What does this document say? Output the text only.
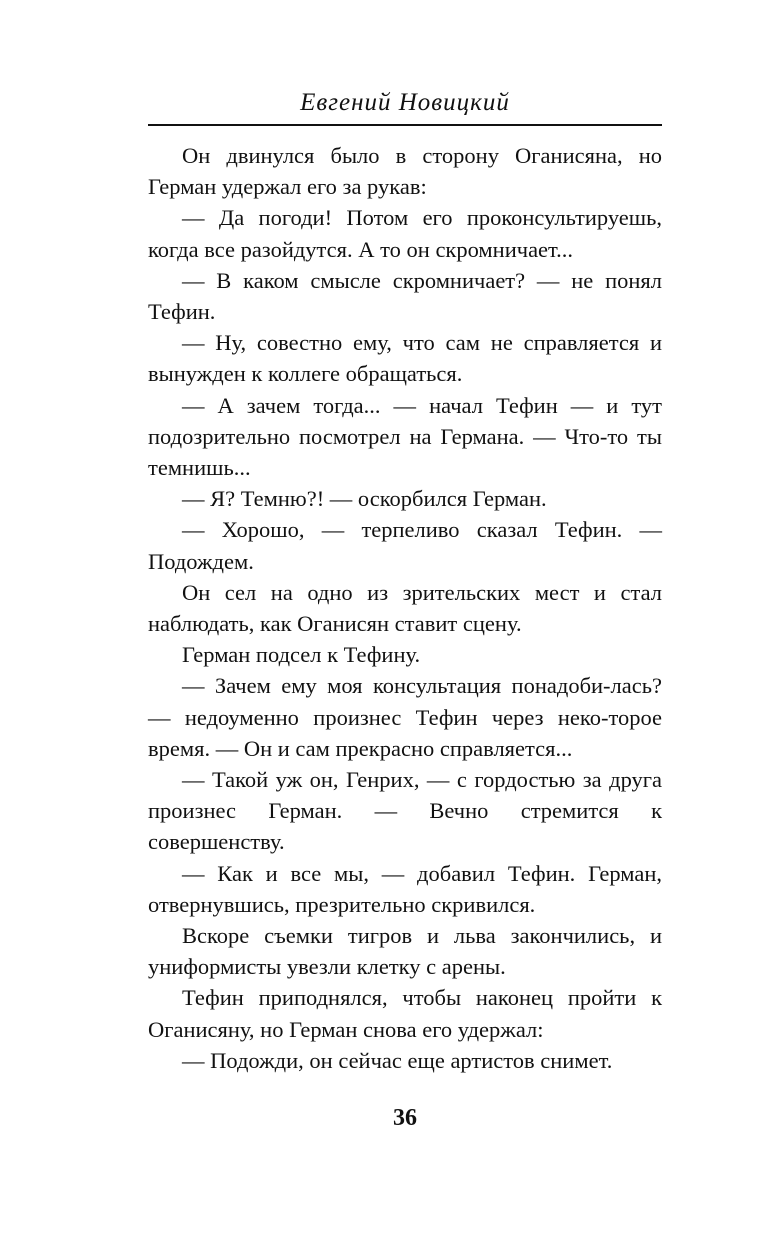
Евгений Новицкий

Он двинулся было в сторону Оганисяна, но Герман удержал его за рукав:

— Да погоди! Потом его проконсультируешь, когда все разойдутся. А то он скромничает...

— В каком смысле скромничает? — не понял Тефин.

— Ну, совестно ему, что сам не справляется и вынужден к коллеге обращаться.

— А зачем тогда... — начал Тефин — и тут подозрительно посмотрел на Германа. — Что-то ты темнишь...

— Я? Темню?! — оскорбился Герман.

— Хорошо, — терпеливо сказал Тефин. — Подождем.

Он сел на одно из зрительских мест и стал наблюдать, как Оганисян ставит сцену.

Герман подсел к Тефину.

— Зачем ему моя консультация понадоби-лась? — недоуменно произнес Тефин через неко-торое время. — Он и сам прекрасно справляется...

— Такой уж он, Генрих, — с гордостью за друга произнес Герман. — Вечно стремится к совершенству.

— Как и все мы, — добавил Тефин. Герман, отвернувшись, презрительно скривился.

Вскоре съемки тигров и льва закончились, и униформисты увезли клетку с арены.

Тефин приподнялся, чтобы наконец пройти к Оганисяну, но Герман снова его удержал:

— Подожди, он сейчас еще артистов снимет.

36
